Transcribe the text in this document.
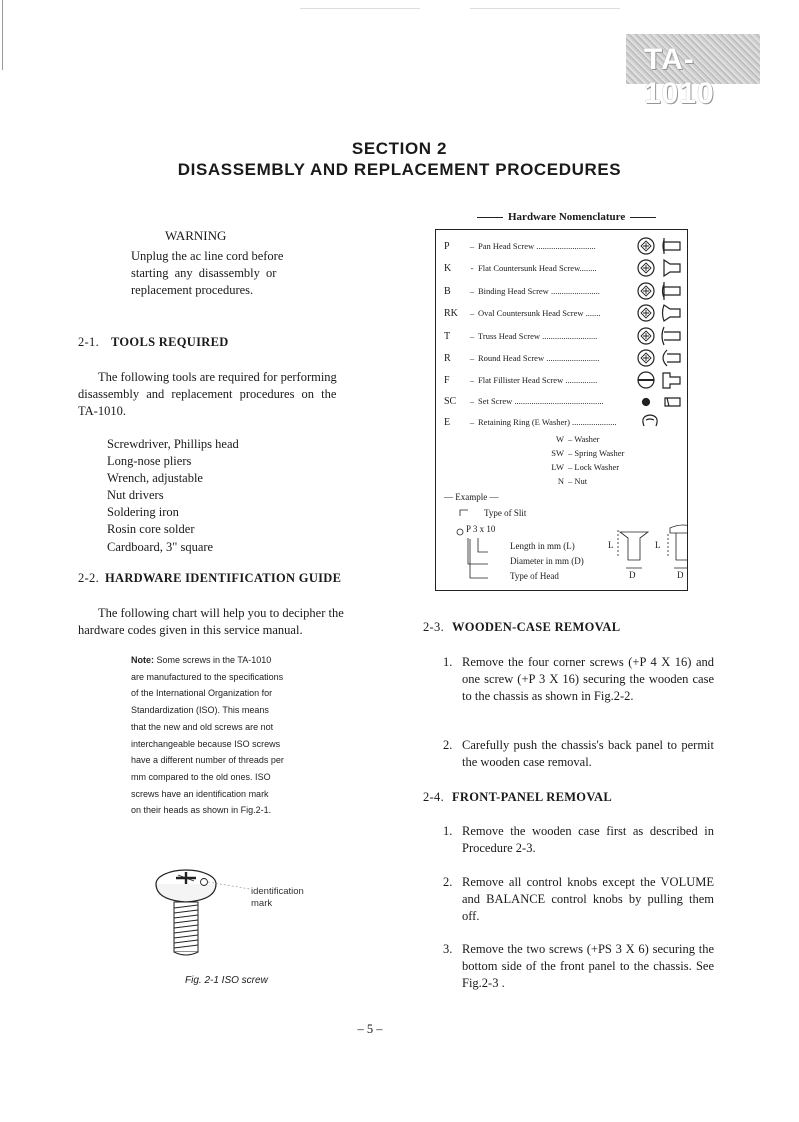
TA-1010
SECTION 2
DISASSEMBLY AND REPLACEMENT PROCEDURES
WARNING
Unplug the ac line cord before
starting any disassembly or
replacement procedures.
2-1. TOOLS REQUIRED
The following tools are required for performing
disassembly and replacement procedures on the
TA-1010.
Screwdriver, Phillips head
Long-nose pliers
Wrench, adjustable
Nut drivers
Soldering iron
Rosin core solder
Cardboard, 3" square
2-2. HARDWARE IDENTIFICATION GUIDE
The following chart will help you to decipher the
hardware codes given in this service manual.
Note: Some screws in the TA-1010
are manufactured to the specifications
of the International Organization for
Standardization (ISO). This means
that the new and old screws are not
interchangeable because ISO screws
have a different number of threads per
mm compared to the old ones. ISO
screws have an identification mark
on their heads as shown in Fig.2-1.
identification
mark
Fig. 2-1 ISO screw
Hardware Nomenclature
P – Pan Head Screw ............................
K - Flat Countersunk Head Screw........
B – Binding Head Screw .......................
RK – Oval Countersunk Head Screw .......
T – Truss Head Screw ..........................
R – Round Head Screw .........................
F – Flat Fillister Head Screw ...............
SC – Set Screw ..........................................
E – Retaining Ring (E Washer) .....................
W – Washer
SW – Spring Washer
LW – Lock Washer
N – Nut
— Example —
Type of Slit
P 3 x 10
Length in mm (L)
Diameter in mm (D)
Type of Head
L	L
D	D
2-3. WOODEN-CASE REMOVAL
1. Remove the four corner screws (+P 4 X 16) and one screw (+P 3 X 16) securing the wooden case to the chassis as shown in Fig.2-2.
2. Carefully push the chassis's back panel to permit the wooden case removal.
2-4. FRONT-PANEL REMOVAL
1. Remove the wooden case first as described in Procedure 2-3.
2. Remove all control knobs except the VOLUME and BALANCE control knobs by pulling them off.
3. Remove the two screws (+PS 3 X 6) securing the bottom side of the front panel to the chassis. See Fig.2-3 .
– 5 –
